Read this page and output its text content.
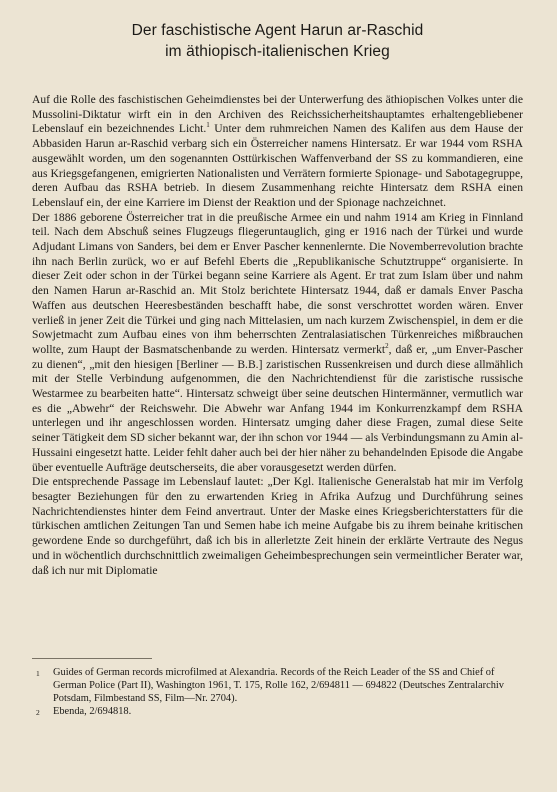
Der faschistische Agent Harun ar-Raschid
im äthiopisch-italienischen Krieg

Auf die Rolle des faschistischen Geheimdienstes bei der Unterwerfung des äthiopischen Volkes unter die Mussolini-Diktatur wirft ein in den Archiven des Reichssicherheitshauptamtes erhaltengebliebener Lebenslauf ein bezeichnendes Licht.$^1$ Unter dem ruhmreichen Namen des Kalifen aus dem Hause der Abbasiden Harun ar-Raschid verbarg sich ein Österreicher namens Hintersatz. Er war 1944 vom RSHA ausgewählt worden, um den sogenannten Osttürkischen Waffenverband der SS zu kommandieren, eine aus Kriegsgefangenen, emigrierten Nationalisten und Verrätern formierte Spionage- und Sabotagegruppe, deren Aufbau das RSHA betrieb. In diesem Zusammenhang reichte Hintersatz dem RSHA einen Lebenslauf ein, der eine Karriere im Dienst der Reaktion und der Spionage nachzeichnet.

Der 1886 geborene Österreicher trat in die preußische Armee ein und nahm 1914 am Krieg in Finnland teil. Nach dem Abschuß seines Flugzeugs fliegeruntauglich, ging er 1916 nach der Türkei und wurde Adjudant Limans von Sanders, bei dem er Enver Pascher kennenlernte. Die Novemberrevolution brachte ihn nach Berlin zurück, wo er auf Befehl Eberts die „Republikanische Schutztruppe“ organisierte. In dieser Zeit oder schon in der Türkei begann seine Karriere als Agent. Er trat zum Islam über und nahm den Namen Harun ar-Raschid an. Mit Stolz berichtete Hintersatz 1944, daß er damals Enver Pascha Waffen aus deutschen Heeresbeständen beschafft habe, die sonst verschrottet worden wären. Enver verließ in jener Zeit die Türkei und ging nach Mittelasien, um nach kurzem Zwischenspiel, in dem er die Sowjetmacht zum Aufbau eines von ihm beherrschten Zentralasiatischen Türkenreiches mißbrauchen wollte, zum Haupt der Basmatschenbande zu werden. Hintersatz vermerkt$^2$, daß er, „um Enver-Pascher zu dienen“, „mit den hiesigen [Berliner — B.B.] zaristischen Russenkreisen und durch diese allmählich mit der Stelle Verbindung aufgenommen, die den Nachrichtendienst für die zaristische russische Westarmee zu bearbeiten hatte“. Hintersatz schweigt über seine deutschen Hintermänner, vermutlich war es die „Abwehr“ der Reichswehr. Die Abwehr war Anfang 1944 im Konkurrenzkampf dem RSHA unterlegen und ihr angeschlossen worden. Hintersatz umging daher diese Fragen, zumal diese Seite seiner Tätigkeit dem SD sicher bekannt war, der ihn schon vor 1944 — als Verbindungsmann zu Amin al-Hussaini eingesetzt hatte. Leider fehlt daher auch bei der hier näher zu behandelnden Episode die Angabe über eventuelle Aufträge deutscherseits, die aber vorausgesetzt werden dürfen.

Die entsprechende Passage im Lebenslauf lautet: „Der Kgl. Italienische Generalstab hat mir im Verfolg besagter Beziehungen für den zu erwartenden Krieg in Afrika Aufzug und Durchführung seines Nachrichtendienstes hinter dem Feind anvertraut. Unter der Maske eines Kriegsberichterstatters für die türkischen amtlichen Zeitungen Tan und Semen habe ich meine Aufgabe bis zu ihrem beinahe kritischen gewordene Ende so durchgeführt, daß ich bis in allerletzte Zeit hinein der erklärte Vertraute des Negus und in wöchentlich durchschnittlich zweimaligen Geheimbesprechungen sein vermeintlicher Berater war, daß ich nur mit Diplomatie

1	Guides of German records microfilmed at Alexandria. Records of the Reich Leader of the SS and Chief of German Police (Part II), Washington 1961, T. 175, Rolle 162, 2/694811 — 694822 (Deutsches Zentralarchiv Potsdam, Filmbestand SS, Film—Nr. 2704).
2	Ebenda, 2/694818.
